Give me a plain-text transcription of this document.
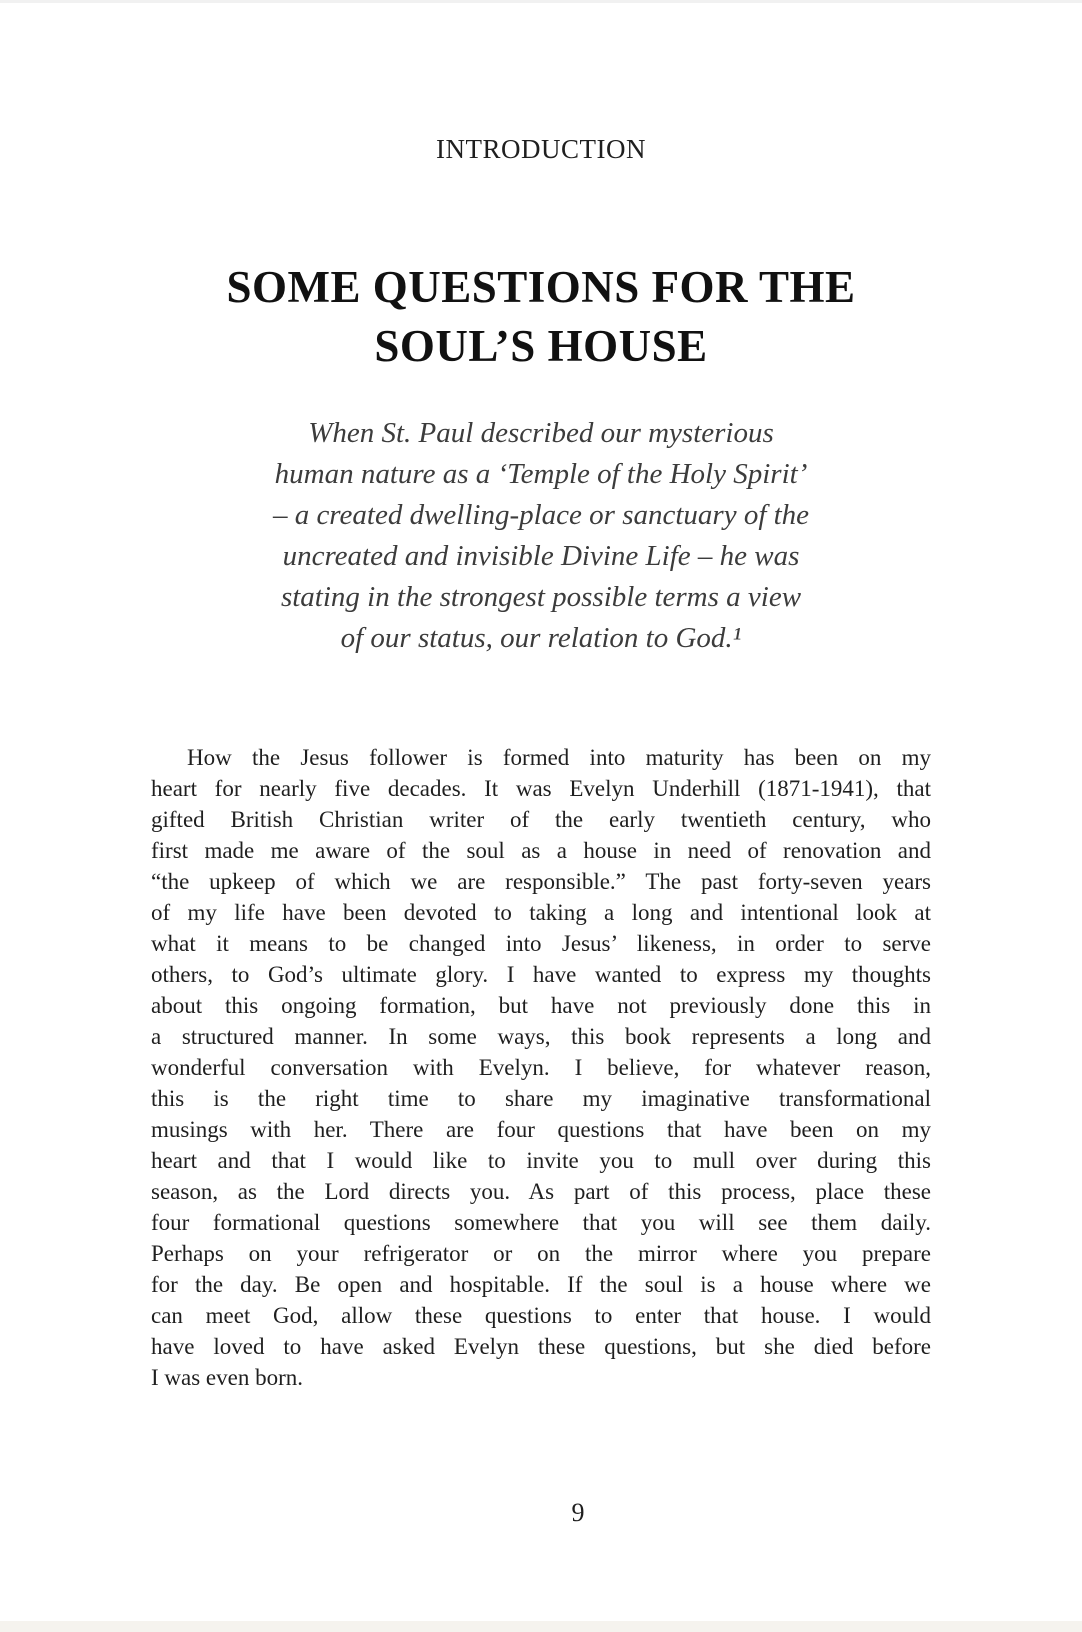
INTRODUCTION
SOME QUESTIONS FOR THE
SOUL’S HOUSE
When St. Paul described our mysterious
human nature as a ‘Temple of the Holy Spirit’
– a created dwelling-place or sanctuary of the
uncreated and invisible Divine Life – he was
stating in the strongest possible terms a view
of our status, our relation to God.¹
How the Jesus follower is formed into maturity has been on my
heart for nearly five decades. It was Evelyn Underhill (1871-1941), that
gifted British Christian writer of the early twentieth century, who
first made me aware of the soul as a house in need of renovation and
“the upkeep of which we are responsible.” The past forty-seven years
of my life have been devoted to taking a long and intentional look at
what it means to be changed into Jesus’ likeness, in order to serve
others, to God’s ultimate glory. I have wanted to express my thoughts
about this ongoing formation, but have not previously done this in
a structured manner. In some ways, this book represents a long and
wonderful conversation with Evelyn. I believe, for whatever reason,
this is the right time to share my imaginative transformational
musings with her. There are four questions that have been on my
heart and that I would like to invite you to mull over during this
season, as the Lord directs you. As part of this process, place these
four formational questions somewhere that you will see them daily.
Perhaps on your refrigerator or on the mirror where you prepare
for the day. Be open and hospitable. If the soul is a house where we
can meet God, allow these questions to enter that house. I would
have loved to have asked Evelyn these questions, but she died before
I was even born.
9
